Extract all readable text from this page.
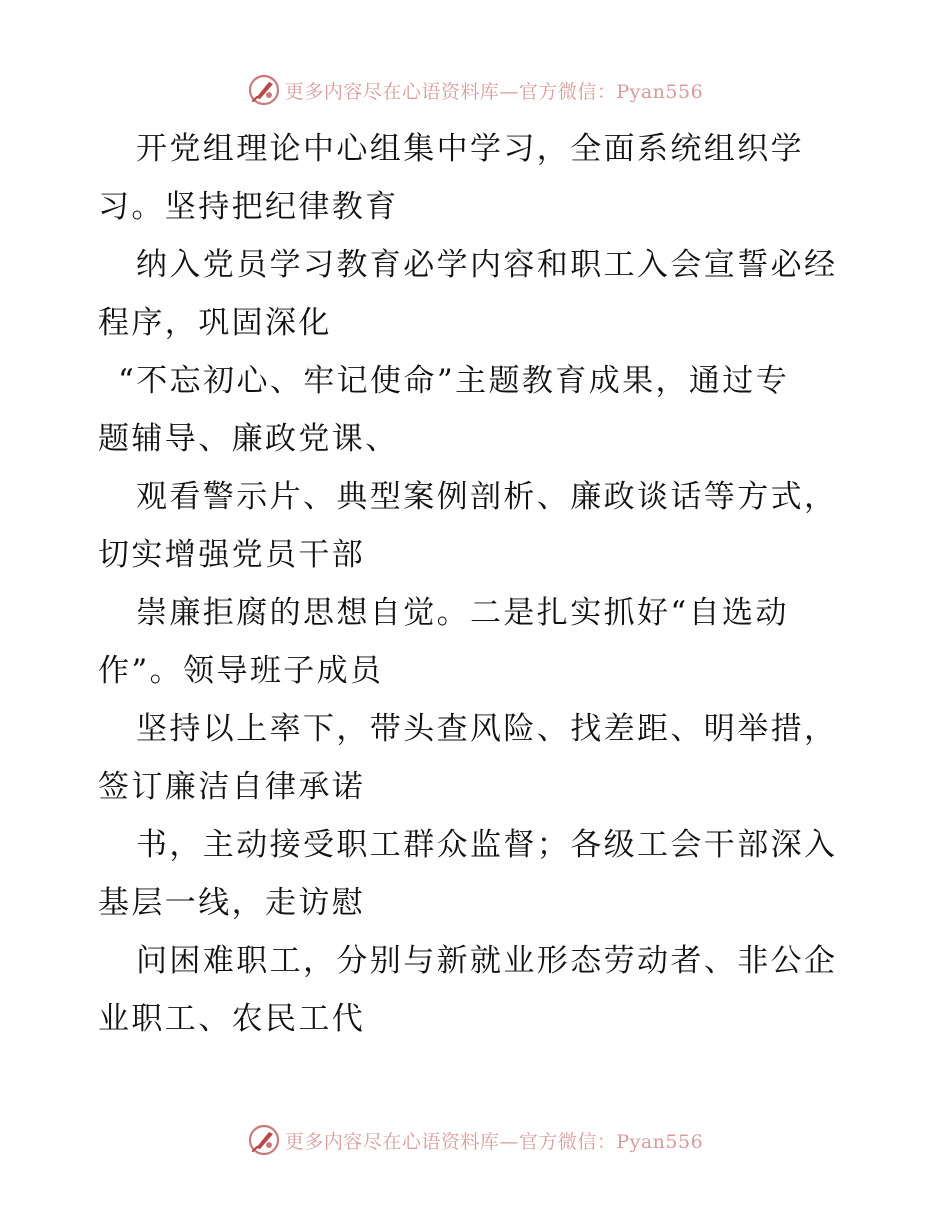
更多内容尽在心语资料库—官方微信：Pyan556
开党组理论中心组集中学习，全面系统组织学
习。坚持把纪律教育
纳入党员学习教育必学内容和职工入会宣誓必经
程序，巩固深化
“不忘初心、牢记使命”主题教育成果，通过专
题辅导、廉政党课、
观看警示片、典型案例剖析、廉政谈话等方式，
切实增强党员干部
崇廉拒腐的思想自觉。二是扎实抓好“自选动
作”。领导班子成员
坚持以上率下，带头查风险、找差距、明举措，
签订廉洁自律承诺
书，主动接受职工群众监督；各级工会干部深入
基层一线，走访慰
问困难职工，分别与新就业形态劳动者、非公企
业职工、农民工代
更多内容尽在心语资料库—官方微信：Pyan556
